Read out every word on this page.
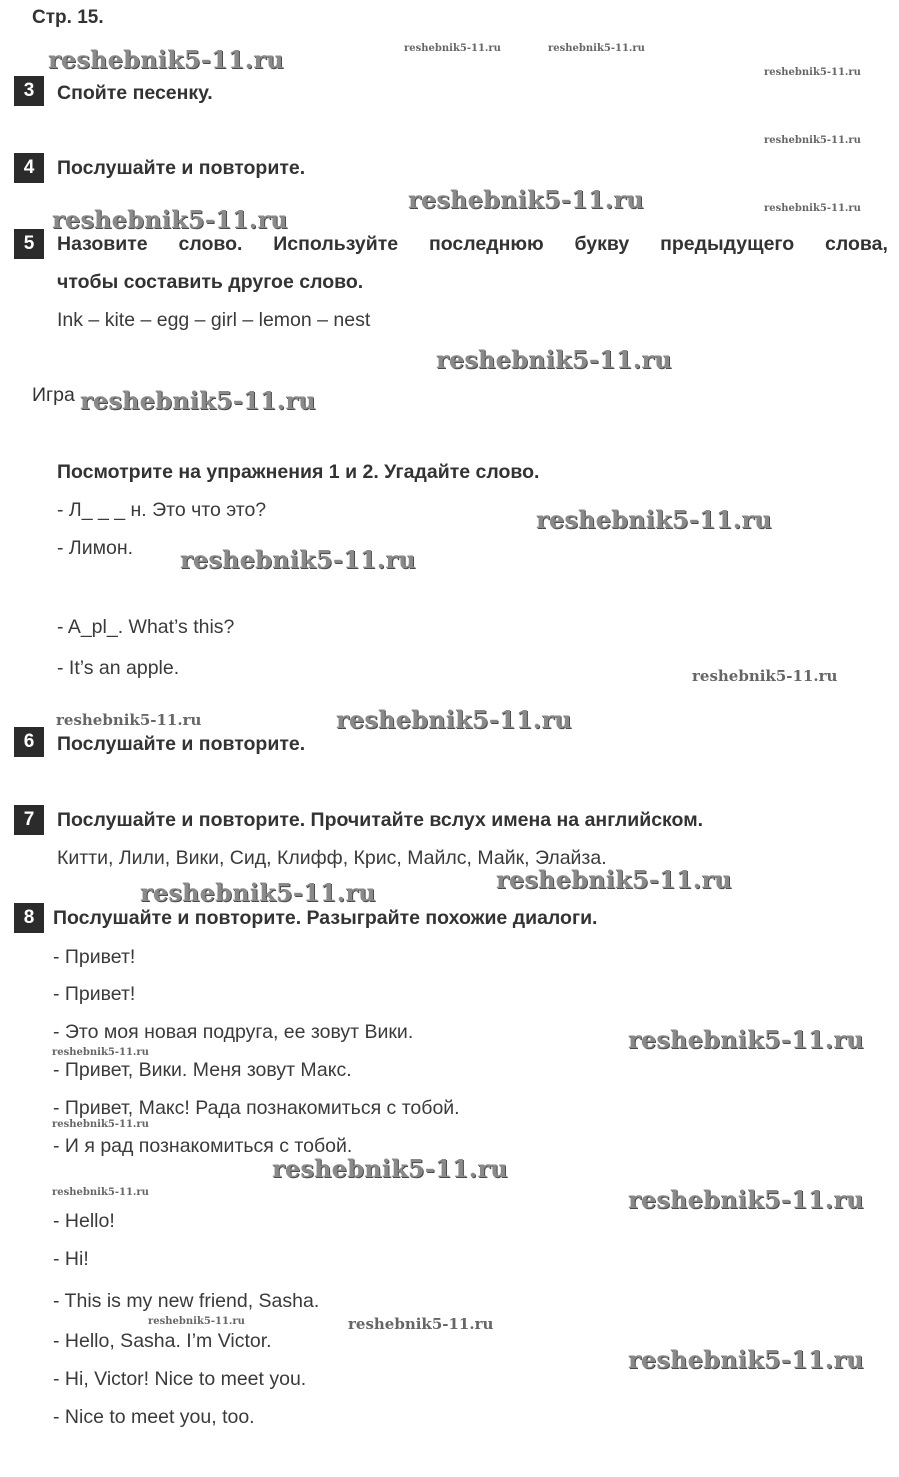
Стр. 15.
3	Спойте песенку.
4	Послушайте и повторите.
5	Назовите слово. Используйте последнюю букву предыдущего слова,
чтобы составить другое слово.
Ink – kite – egg – girl – lemon – nest
Игра
Посмотрите на упражнения 1 и 2. Угадайте слово.
- Л_ _ _ н. Это что это?
- Лимон.
- A_pl_. What’s this?
- It’s an apple.
6	Послушайте и повторите.
7	Послушайте и повторите. Прочитайте вслух имена на английском.
Китти, Лили, Вики, Сид, Клифф, Крис, Майлс, Майк, Элайза.
8 Послушайте и повторите. Разыграйте похожие диалоги.
- Привет!
- Привет!
- Это моя новая подруга, ее зовут Вики.
- Привет, Вики. Меня зовут Макс.
- Привет, Макс! Рада познакомиться с тобой.
- И я рад познакомиться с тобой.
- Hello!
- Hi!
- This is my new friend, Sasha.
- Hello, Sasha. I’m Victor.
- Hi, Victor! Nice to meet you.
- Nice to meet you, too.
reshebnik5-11.ru
reshebnik5-11.ru
reshebnik5-11.ru
reshebnik5-11.ru
reshebnik5-11.ru
reshebnik5-11.ru
reshebnik5-11.ru
reshebnik5-11.ru
reshebnik5-11.ru
reshebnik5-11.ru
reshebnik5-11.ru
reshebnik5-11.ru
reshebnik5-11.ru
reshebnik5-11.ru
reshebnik5-11.ru
reshebnik5-11.ru
reshebnik5-11.ru
reshebnik5-11.ru
reshebnik5-11.ru	reshebnik5-11.ru
reshebnik5-11.ru
reshebnik5-11.ru
reshebnik5-11.ru
reshebnik5-11.ru
reshebnik5-11.ru
reshebnik5-11.ru
